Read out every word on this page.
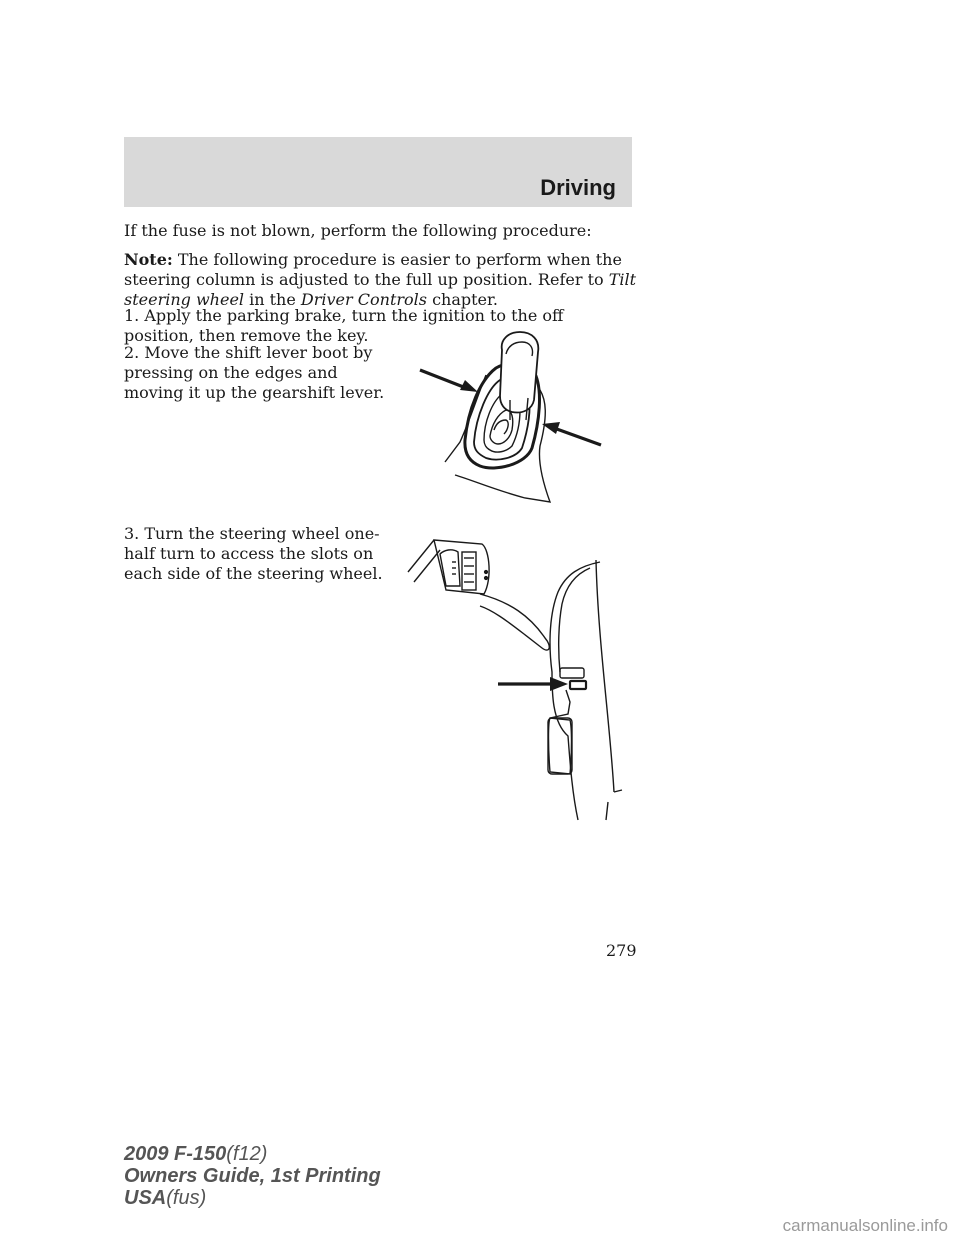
Driving

If the fuse is not blown, perform the following procedure:

Note: The following procedure is easier to perform when the steering column is adjusted to the full up position. Refer to Tilt steering wheel in the Driver Controls chapter.

1. Apply the parking brake, turn the ignition to the off position, then remove the key.

2. Move the shift lever boot by pressing on the edges and moving it up the gearshift lever.

3. Turn the steering wheel one-half turn to access the slots on each side of the steering wheel.

279
2009 F-150(f12)
Owners Guide, 1st Printing
USA(fus)
carmanualsonline.info
